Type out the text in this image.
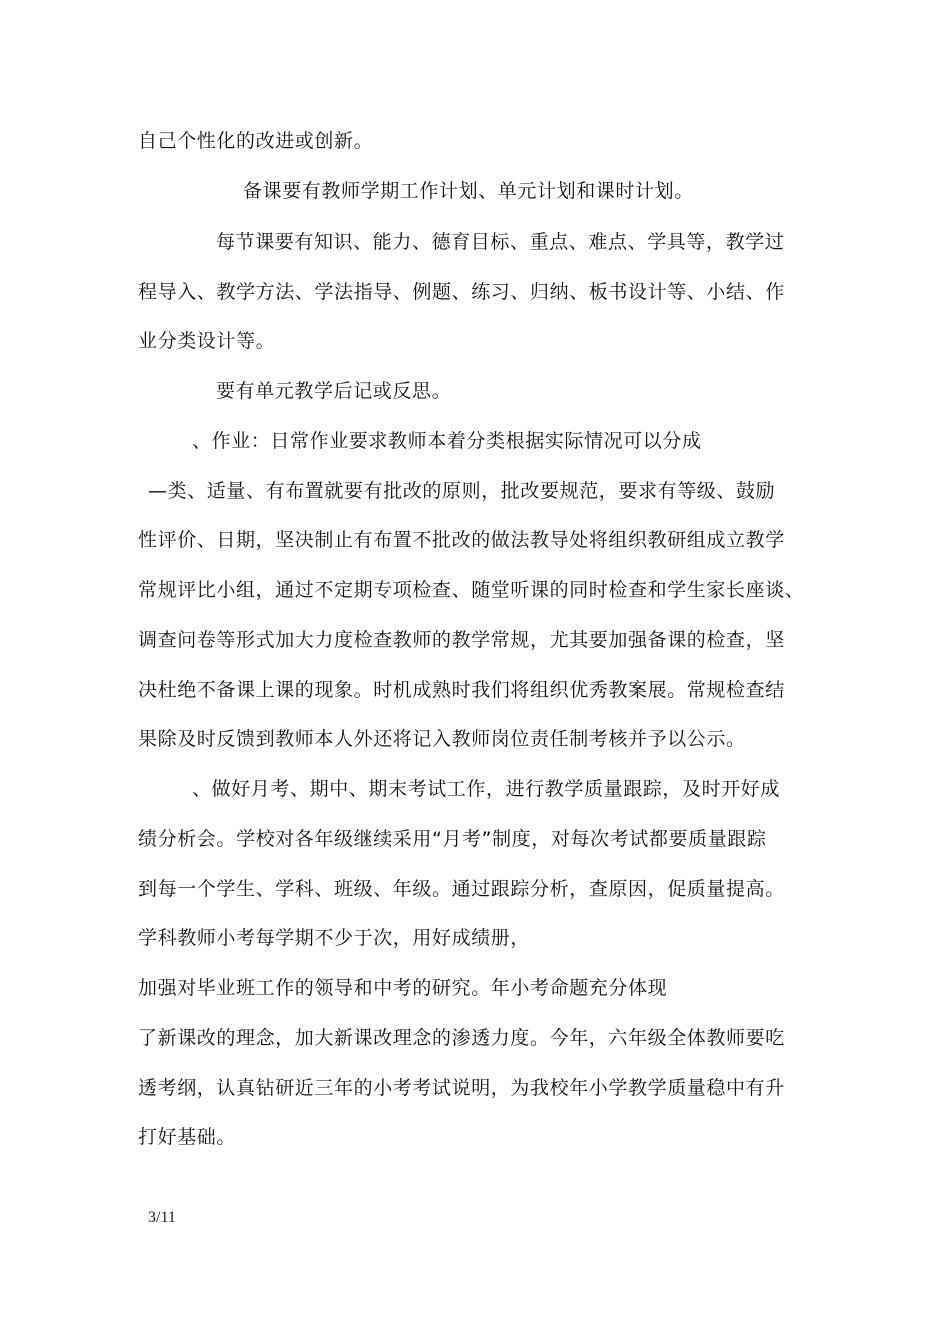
自己个性化的改进或创新。
备课要有教师学期工作计划、单元计划和课时计划。
每节课要有知识、能力、德育目标、重点、难点、学具等，教学过
程导入、教学方法、学法指导、例题、练习、归纳、板书设计等、小结、作
业分类设计等。
要有单元教学后记或反思。
、作业：日常作业要求教师本着分类根据实际情况可以分成
—类、适量、有布置就要有批改的原则，批改要规范，要求有等级、鼓励
性评价、日期，坚决制止有布置不批改的做法教导处将组织教研组成立教学
常规评比小组，通过不定期专项检查、随堂听课的同时检查和学生家长座谈、
调查问卷等形式加大力度检查教师的教学常规，尤其要加强备课的检查，坚
决杜绝不备课上课的现象。时机成熟时我们将组织优秀教案展。常规检查结
果除及时反馈到教师本人外还将记入教师岗位责任制考核并予以公示。
、做好月考、期中、期末考试工作，进行教学质量跟踪，及时开好成
绩分析会。学校对各年级继续采用“月考”制度，对每次考试都要质量跟踪
到每一个学生、学科、班级、年级。通过跟踪分析，查原因，促质量提高。
学科教师小考每学期不少于次，用好成绩册，
加强对毕业班工作的领导和中考的研究。年小考命题充分体现
了新课改的理念，加大新课改理念的渗透力度。今年，六年级全体教师要吃
透考纲，认真钻研近三年的小考考试说明，为我校年小学教学质量稳中有升
打好基础。
3/11
